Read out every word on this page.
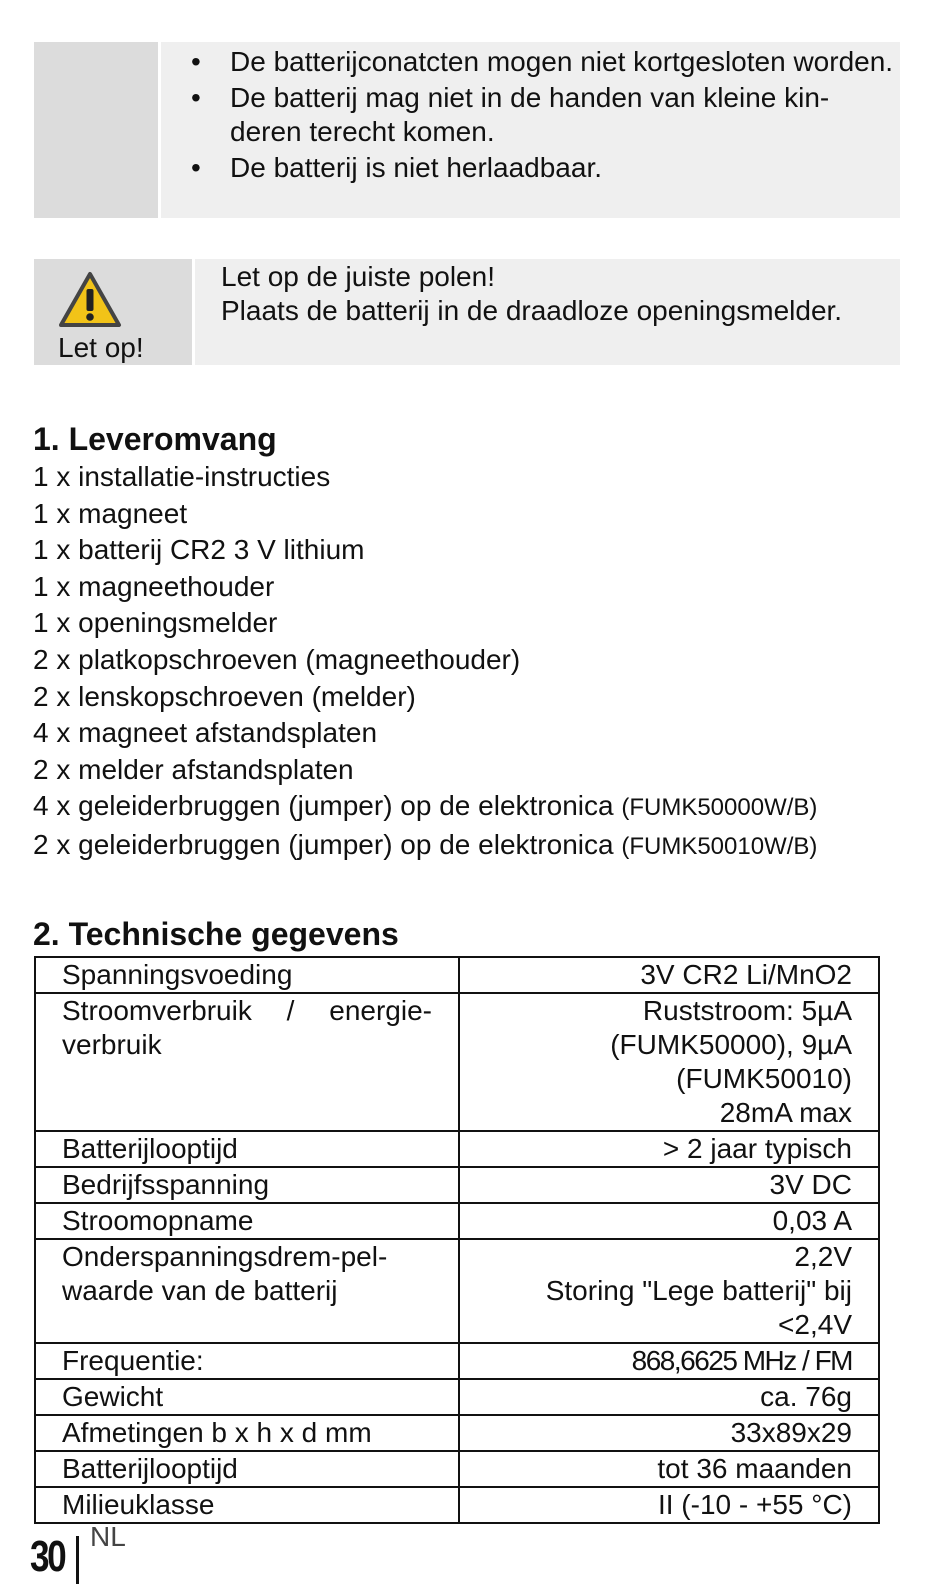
• De batterijconatcten mogen niet kortgesloten worden.
• De batterij mag niet in de handen van kleine kin-deren terecht komen.
• De batterij is niet herlaadbaar.
Let op!
Let op de juiste polen!
Plaats de batterij in de draadloze openingsmelder.
1. Leveromvang
1 x installatie-instructies
1 x magneet
1 x batterij CR2 3 V lithium
1 x magneethouder
1 x openingsmelder
2 x platkopschroeven (magneethouder)
2 x lenskopschroeven (melder)
4 x magneet afstandsplaten
2 x melder afstandsplaten
4 x geleiderbruggen (jumper) op de elektronica (FUMK50000W/B)
2 x geleiderbruggen (jumper) op de elektronica (FUMK50010W/B)
2. Technische gegevens
Spanningsvoeding	3V CR2 Li/MnO2

Stroomverbruik / energie-verbruik	Ruststroom: 5µA
(FUMK50000), 9µA
(FUMK50010)
28mA max

Batterijlooptijd	> 2 jaar typisch

Bedrijfsspanning	3V DC

Stroomopname	0,03 A

Onderspanningsdrem-pel-waarde van de batterij	2,2V
Storing "Lege batterij" bij
<2,4V

Frequentie:	868,6625 MHz / FM

Gewicht	ca. 76g

Afmetingen b x h x d mm	33x89x29

Batterijlooptijd	tot 36 maanden

Milieuklasse	II (-10 - +55 °C)
30 NL
